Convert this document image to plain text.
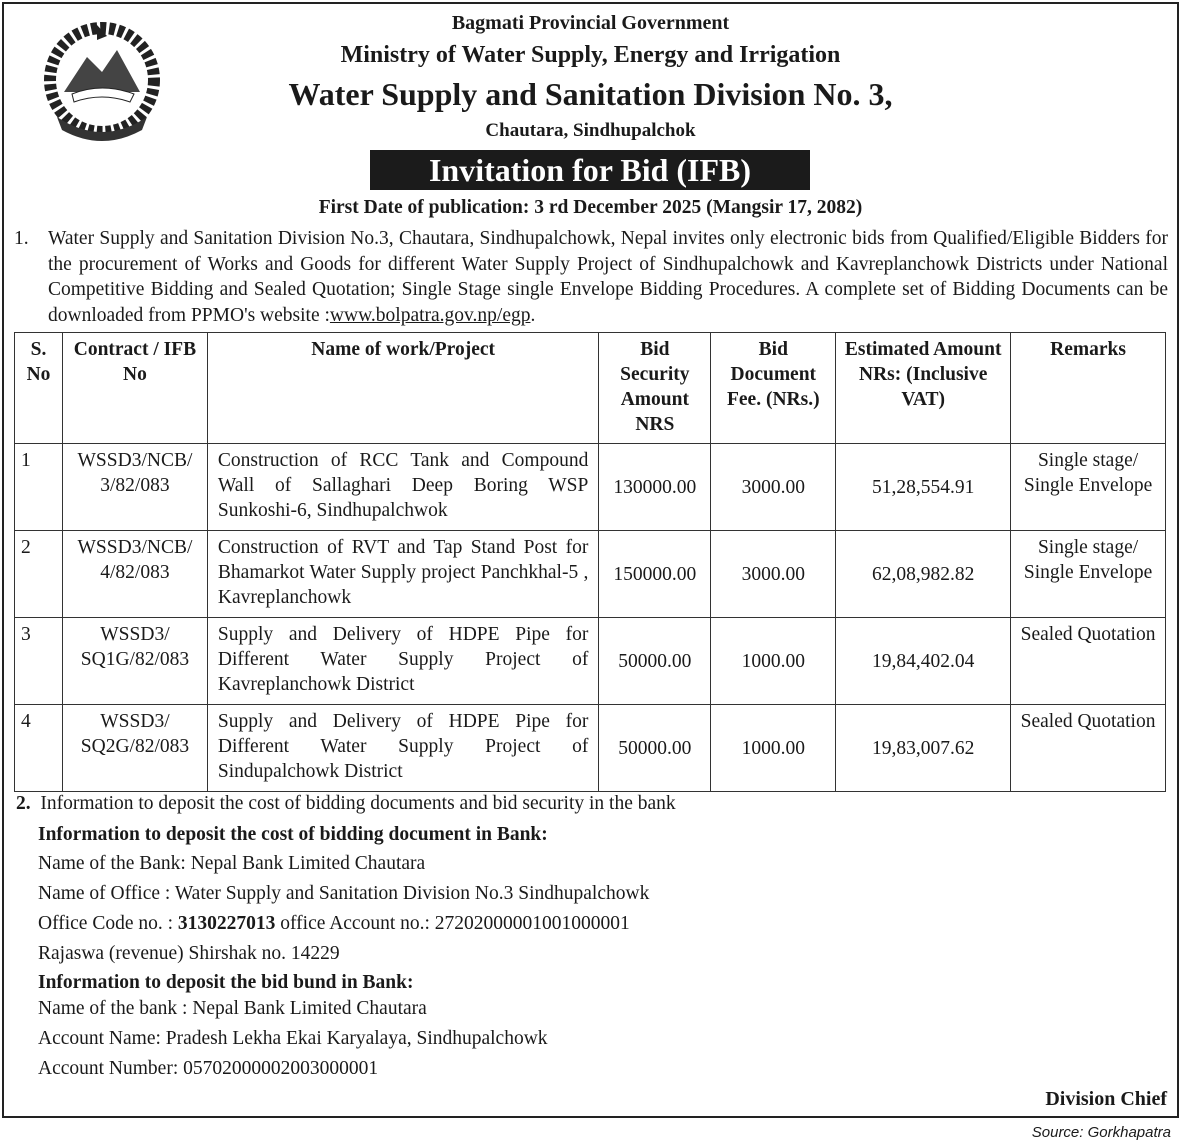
Bagmati Provincial Government
Ministry of Water Supply, Energy and Irrigation
Water Supply and Sanitation Division No. 3,
Chautara, Sindhupalchok
Invitation for Bid (IFB)
First Date of publication: 3 rd December 2025 (Mangsir 17, 2082)
1. Water Supply and Sanitation Division No.3, Chautara, Sindhupalchowk, Nepal invites only electronic bids from Qualified/Eligible Bidders for the procurement of Works and Goods for different Water Supply Project of Sindhupalchowk and Kavreplanchowk Districts under National Competitive Bidding and Sealed Quotation; Single Stage single Envelope Bidding Procedures. A complete set of Bidding Documents can be downloaded from PPMO's website :www.bolpatra.gov.np/egp.
S. No	Contract / IFB No	Name of work/Project	Bid Security Amount NRS	Bid Document Fee. (NRs.)	Estimated Amount NRs: (Inclusive VAT)	Remarks
1	WSSD3/NCB/ 3/82/083	Construction of RCC Tank and Compound Wall of Sallaghari Deep Boring WSP Sunkoshi-6, Sindhupalchwok	130000.00	3000.00	51,28,554.91	Single stage/ Single Envelope
2	WSSD3/NCB/ 4/82/083	Construction of RVT and Tap Stand Post for Bhamarkot Water Supply project Panchkhal-5 , Kavreplanchowk	150000.00	3000.00	62,08,982.82	Single stage/ Single Envelope
3	WSSD3/ SQ1G/82/083	Supply and Delivery of HDPE Pipe for Different Water Supply Project of Kavreplanchowk District	50000.00	1000.00	19,84,402.04	Sealed Quotation
4	WSSD3/ SQ2G/82/083	Supply and Delivery of HDPE Pipe for Different Water Supply Project of Sindupalchowk District	50000.00	1000.00	19,83,007.62	Sealed Quotation
2. Information to deposit the cost of bidding documents and bid security in the bank
Information to deposit the cost of bidding document in Bank:
Name of the Bank: Nepal Bank Limited Chautara
Name of Office : Water Supply and Sanitation Division No.3 Sindhupalchowk
Office Code no. : 3130227013 office Account no.: 27202000001001000001
Rajaswa (revenue) Shirshak no. 14229
Information to deposit the bid bund in Bank:
Name of the bank : Nepal Bank Limited Chautara
Account Name: Pradesh Lekha Ekai Karyalaya, Sindhupalchowk
Account Number: 05702000002003000001
Division Chief
Source: Gorkhapatra
